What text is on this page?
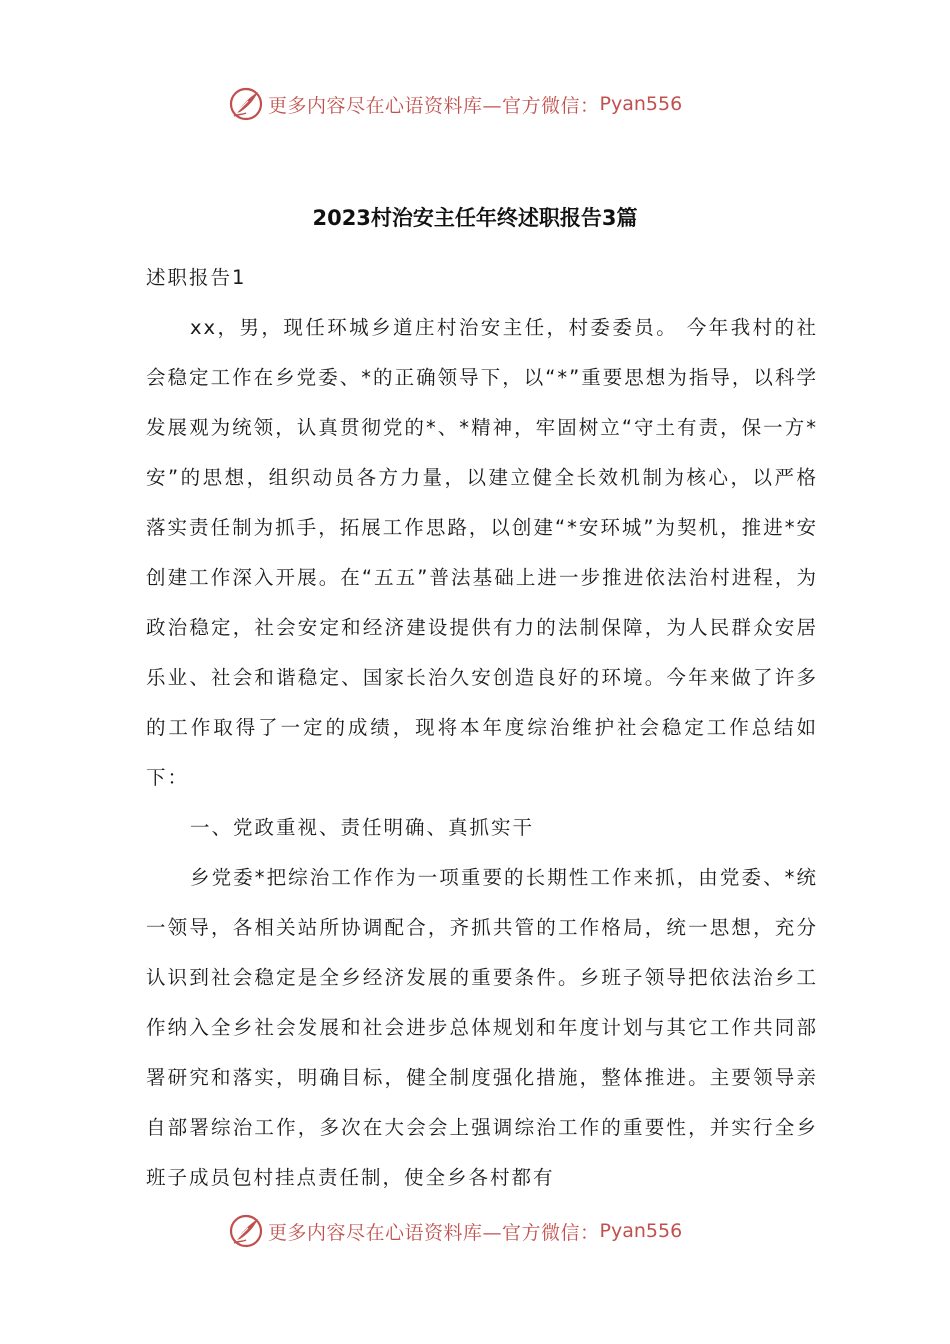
更多内容尽在心语资料库—官方微信： Pyan556
2023村治安主任年终述职报告3篇

述职报告1

xx，男，现任环城乡道庄村治安主任，村委委员。 今年我村的社会稳定工作在乡党委、*的正确领导下，以“*”重要思想为指导，以科学发展观为统领，认真贯彻党的*、*精神，牢固树立“守土有责，保一方*安”的思想，组织动员各方力量，以建立健全长效机制为核心，以严格落实责任制为抓手，拓展工作思路，以创建“*安环城”为契机，推进*安创建工作深入开展。在“五五”普法基础上进一步推进依法治村进程，为政治稳定，社会安定和经济建设提供有力的法制保障，为人民群众安居乐业、社会和谐稳定、国家长治久安创造良好的环境。今年来做了许多的工作取得了一定的成绩，现将本年度综治维护社会稳定工作总结如下：

一、党政重视、责任明确、真抓实干

乡党委*把综治工作作为一项重要的长期性工作来抓，由党委、*统一领导，各相关站所协调配合，齐抓共管的工作格局，统一思想，充分认识到社会稳定是全乡经济发展的重要条件。乡班子领导把依法治乡工作纳入全乡社会发展和社会进步总体规划和年度计划与其它工作共同部署研究和落实，明确目标，健全制度强化措施，整体推进。主要领导亲自部署综治工作，多次在大会会上强调综治工作的重要性，并实行全乡班子成员包村挂点责任制，使全乡各村都有

更多内容尽在心语资料库—官方微信： Pyan556
